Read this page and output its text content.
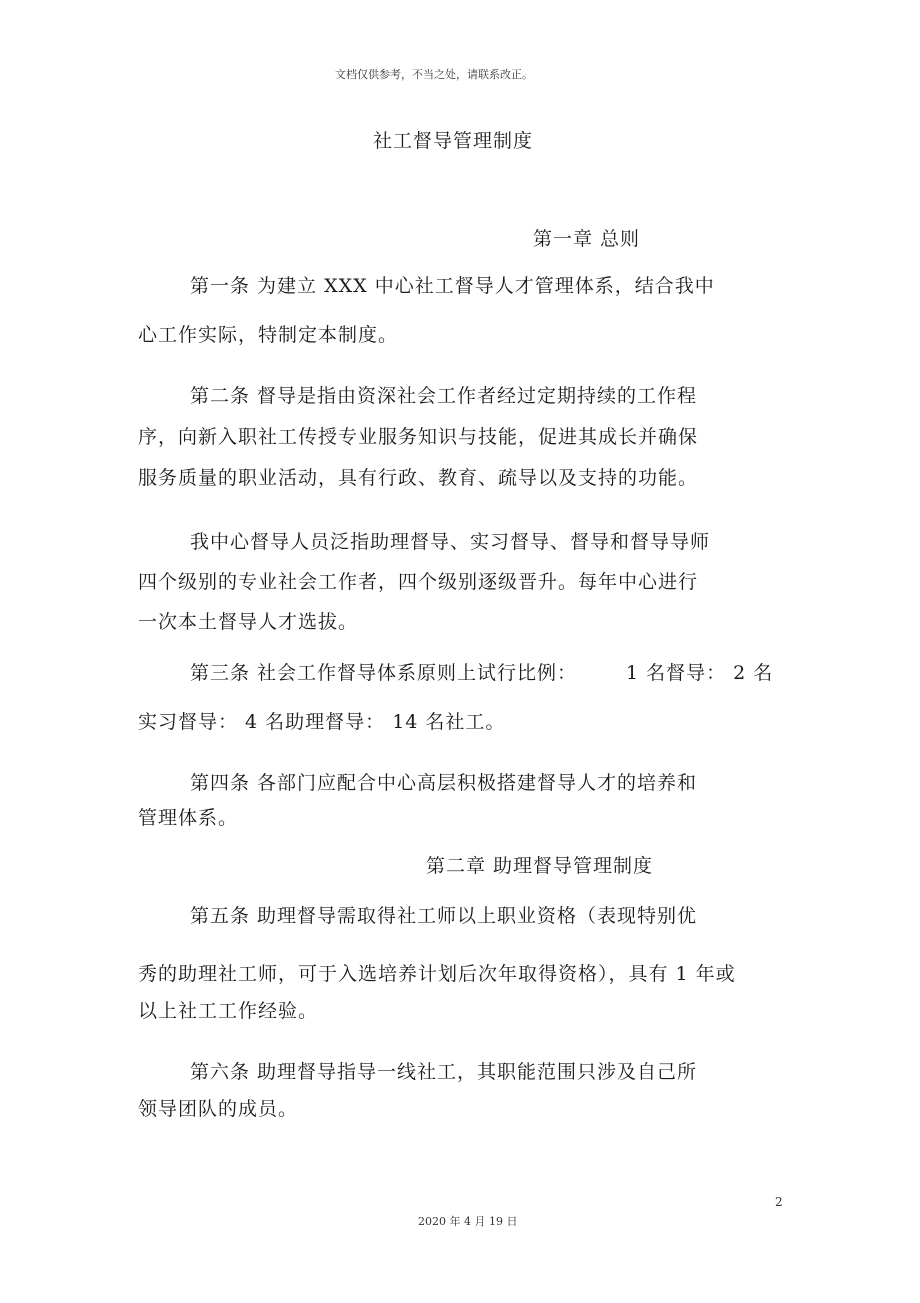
文档仅供参考，不当之处，请联系改正。
社工督导管理制度
第一章 总则
第一条 为建立 XXX 中心社工督导人才管理体系，结合我中
心工作实际，特制定本制度。
第二条 督导是指由资深社会工作者经过定期持续的工作程
序，向新入职社工传授专业服务知识与技能，促进其成长并确保
服务质量的职业活动，具有行政、教育、疏导以及支持的功能。
我中心督导人员泛指助理督导、实习督导、督导和督导导师
四个级别的专业社会工作者，四个级别逐级晋升。每年中心进行
一次本土督导人才选拔。
第三条 社会工作督导体系原则上试行比例：	1 名督导： 2 名
实习督导： 4 名助理督导： 14 名社工。
第四条 各部门应配合中心高层积极搭建督导人才的培养和
管理体系。
第二章 助理督导管理制度
第五条 助理督导需取得社工师以上职业资格（表现特别优
秀的助理社工师，可于入选培养计划后次年取得资格），具有 1 年或
以上社工工作经验。
第六条 助理督导指导一线社工，其职能范围只涉及自己所
领导团队的成员。
2
2020 年 4 月 19 日
